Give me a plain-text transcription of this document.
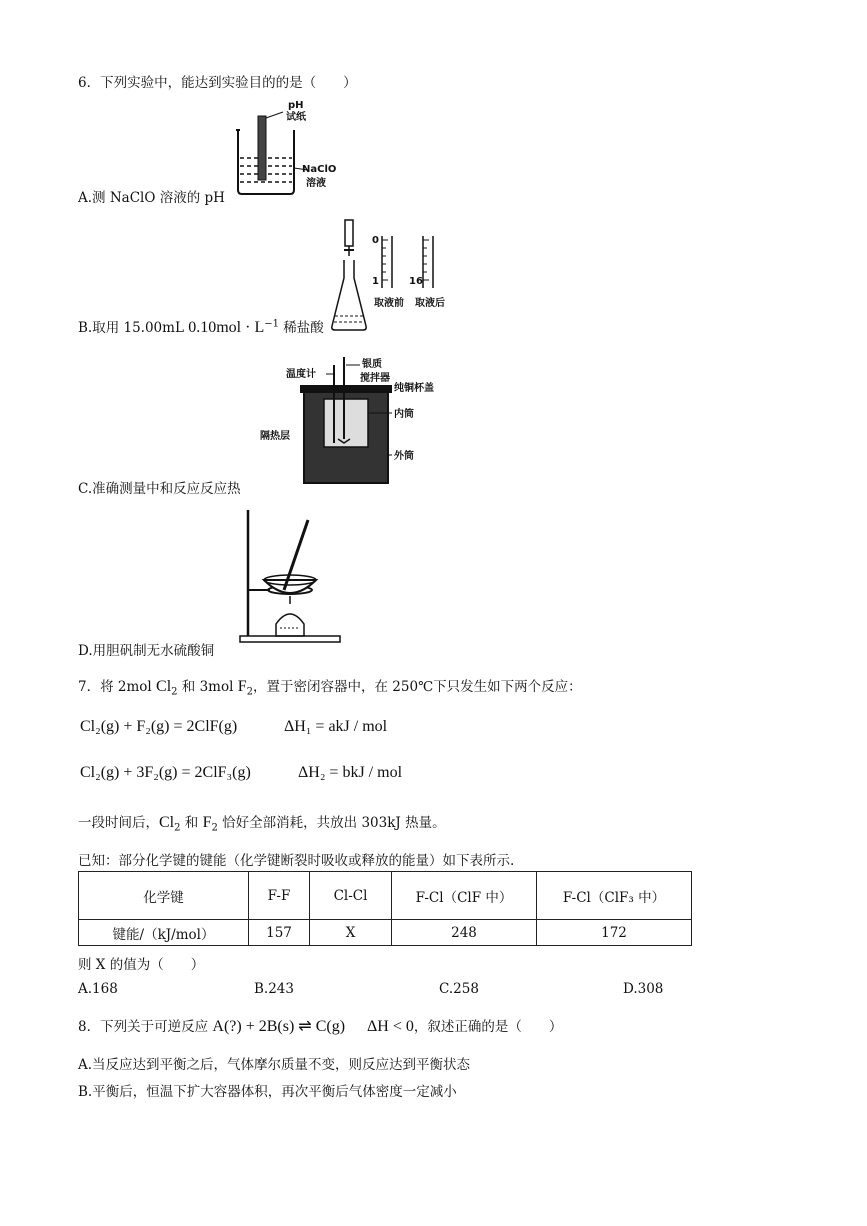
6．下列实验中，能达到实验目的的是（　　）
pH
试纸
NaClO
溶液
A.测 NaClO 溶液的 pH
0
1	16
取液前 取液后
B.取用 15.00mL $0.10mol \cdot L^{-1}$ 稀盐酸
温度计
银质
搅拌器
纯铜杯盖
内筒
外筒
隔热层
C.准确测量中和反应反应热
D.用胆矾制无水硫酸铜
7．将 2mol $Cl_2$ 和 3mol $F_2$，置于密闭容器中，在 250℃下只发生如下两个反应：
Cl₂(g) + F₂(g) = 2ClF(g)	ΔH₁ = akJ / mol
Cl₂(g) + 3F₂(g) = 2ClF₃(g)	ΔH₂ = bkJ / mol
一段时间后，$Cl_2$ 和 $F_2$ 恰好全部消耗，共放出 303kJ 热量。
已知：部分化学键的键能（化学键断裂时吸收或释放的能量）如下表所示.
化学键	F-F	Cl-Cl	F-Cl（ClF 中）	F-Cl（ClF₃ 中）
键能/（kJ/mol）	157	X	248	172
则 X 的值为（　　）
A.168	B.243	C.258	D.308
8．下列关于可逆反应 A(?) + 2B(s) ⇌ C(g) ΔH < 0，叙述正确的是（　　）
A.当反应达到平衡之后，气体摩尔质量不变，则反应达到平衡状态
B.平衡后，恒温下扩大容器体积，再次平衡后气体密度一定减小
